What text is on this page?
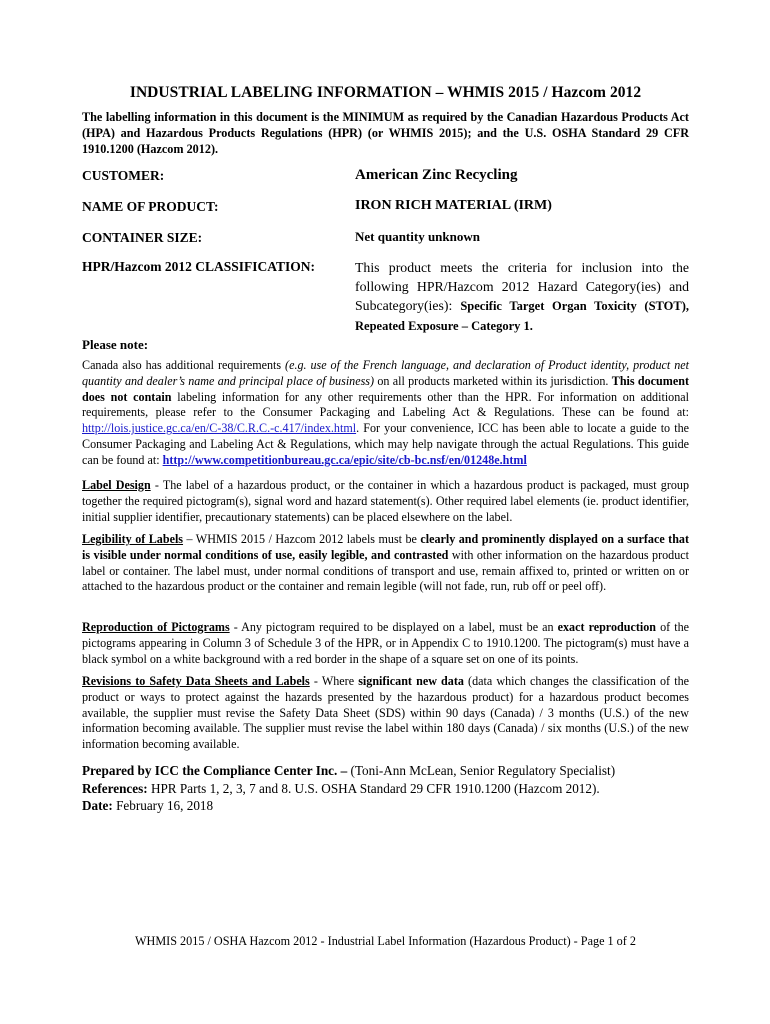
INDUSTRIAL LABELING INFORMATION – WHMIS 2015 / Hazcom 2012
The labelling information in this document is the MINIMUM as required by the Canadian Hazardous Products Act (HPA) and Hazardous Products Regulations (HPR) (or WHMIS 2015); and the U.S. OSHA Standard 29 CFR 1910.1200 (Hazcom 2012).
CUSTOMER:	American Zinc Recycling
NAME OF PRODUCT:	IRON RICH MATERIAL (IRM)
CONTAINER SIZE:	Net quantity unknown
HPR/Hazcom 2012 CLASSIFICATION:	This product meets the criteria for inclusion into the following HPR/Hazcom 2012 Hazard Category(ies) and Subcategory(ies): Specific Target Organ Toxicity (STOT), Repeated Exposure – Category 1.
Please note:
Canada also has additional requirements (e.g. use of the French language, and declaration of Product identity, product net quantity and dealer’s name and principal place of business) on all products marketed within its jurisdiction. This document does not contain labeling information for any other requirements other than the HPR. For information on additional requirements, please refer to the Consumer Packaging and Labeling Act & Regulations. These can be found at: http://lois.justice.gc.ca/en/C-38/C.R.C.-c.417/index.html. For your convenience, ICC has been able to locate a guide to the Consumer Packaging and Labeling Act & Regulations, which may help navigate through the actual Regulations. This guide can be found at: http://www.competitionbureau.gc.ca/epic/site/cb-bc.nsf/en/01248e.html
Label Design - The label of a hazardous product, or the container in which a hazardous product is packaged, must group together the required pictogram(s), signal word and hazard statement(s). Other required label elements (ie. product identifier, initial supplier identifier, precautionary statements) can be placed elsewhere on the label.
Legibility of Labels – WHMIS 2015 / Hazcom 2012 labels must be clearly and prominently displayed on a surface that is visible under normal conditions of use, easily legible, and contrasted with other information on the hazardous product label or container. The label must, under normal conditions of transport and use, remain affixed to, printed or written on or attached to the hazardous product or the container and remain legible (will not fade, run, rub off or peel off).
Reproduction of Pictograms - Any pictogram required to be displayed on a label, must be an exact reproduction of the pictograms appearing in Column 3 of Schedule 3 of the HPR, or in Appendix C to 1910.1200. The pictogram(s) must have a black symbol on a white background with a red border in the shape of a square set on one of its points.
Revisions to Safety Data Sheets and Labels - Where significant new data (data which changes the classification of the product or ways to protect against the hazards presented by the hazardous product) for a hazardous product becomes available, the supplier must revise the Safety Data Sheet (SDS) within 90 days (Canada) / 3 months (U.S.) of the new information becoming available. The supplier must revise the label within 180 days (Canada) / six months (U.S.) of the new information becoming available.
Prepared by ICC the Compliance Center Inc. – (Toni-Ann McLean, Senior Regulatory Specialist)
References: HPR Parts 1, 2, 3, 7 and 8. U.S. OSHA Standard 29 CFR 1910.1200 (Hazcom 2012).
Date: February 16, 2018
WHMIS 2015 / OSHA Hazcom 2012 - Industrial Label Information (Hazardous Product) - Page 1 of 2
